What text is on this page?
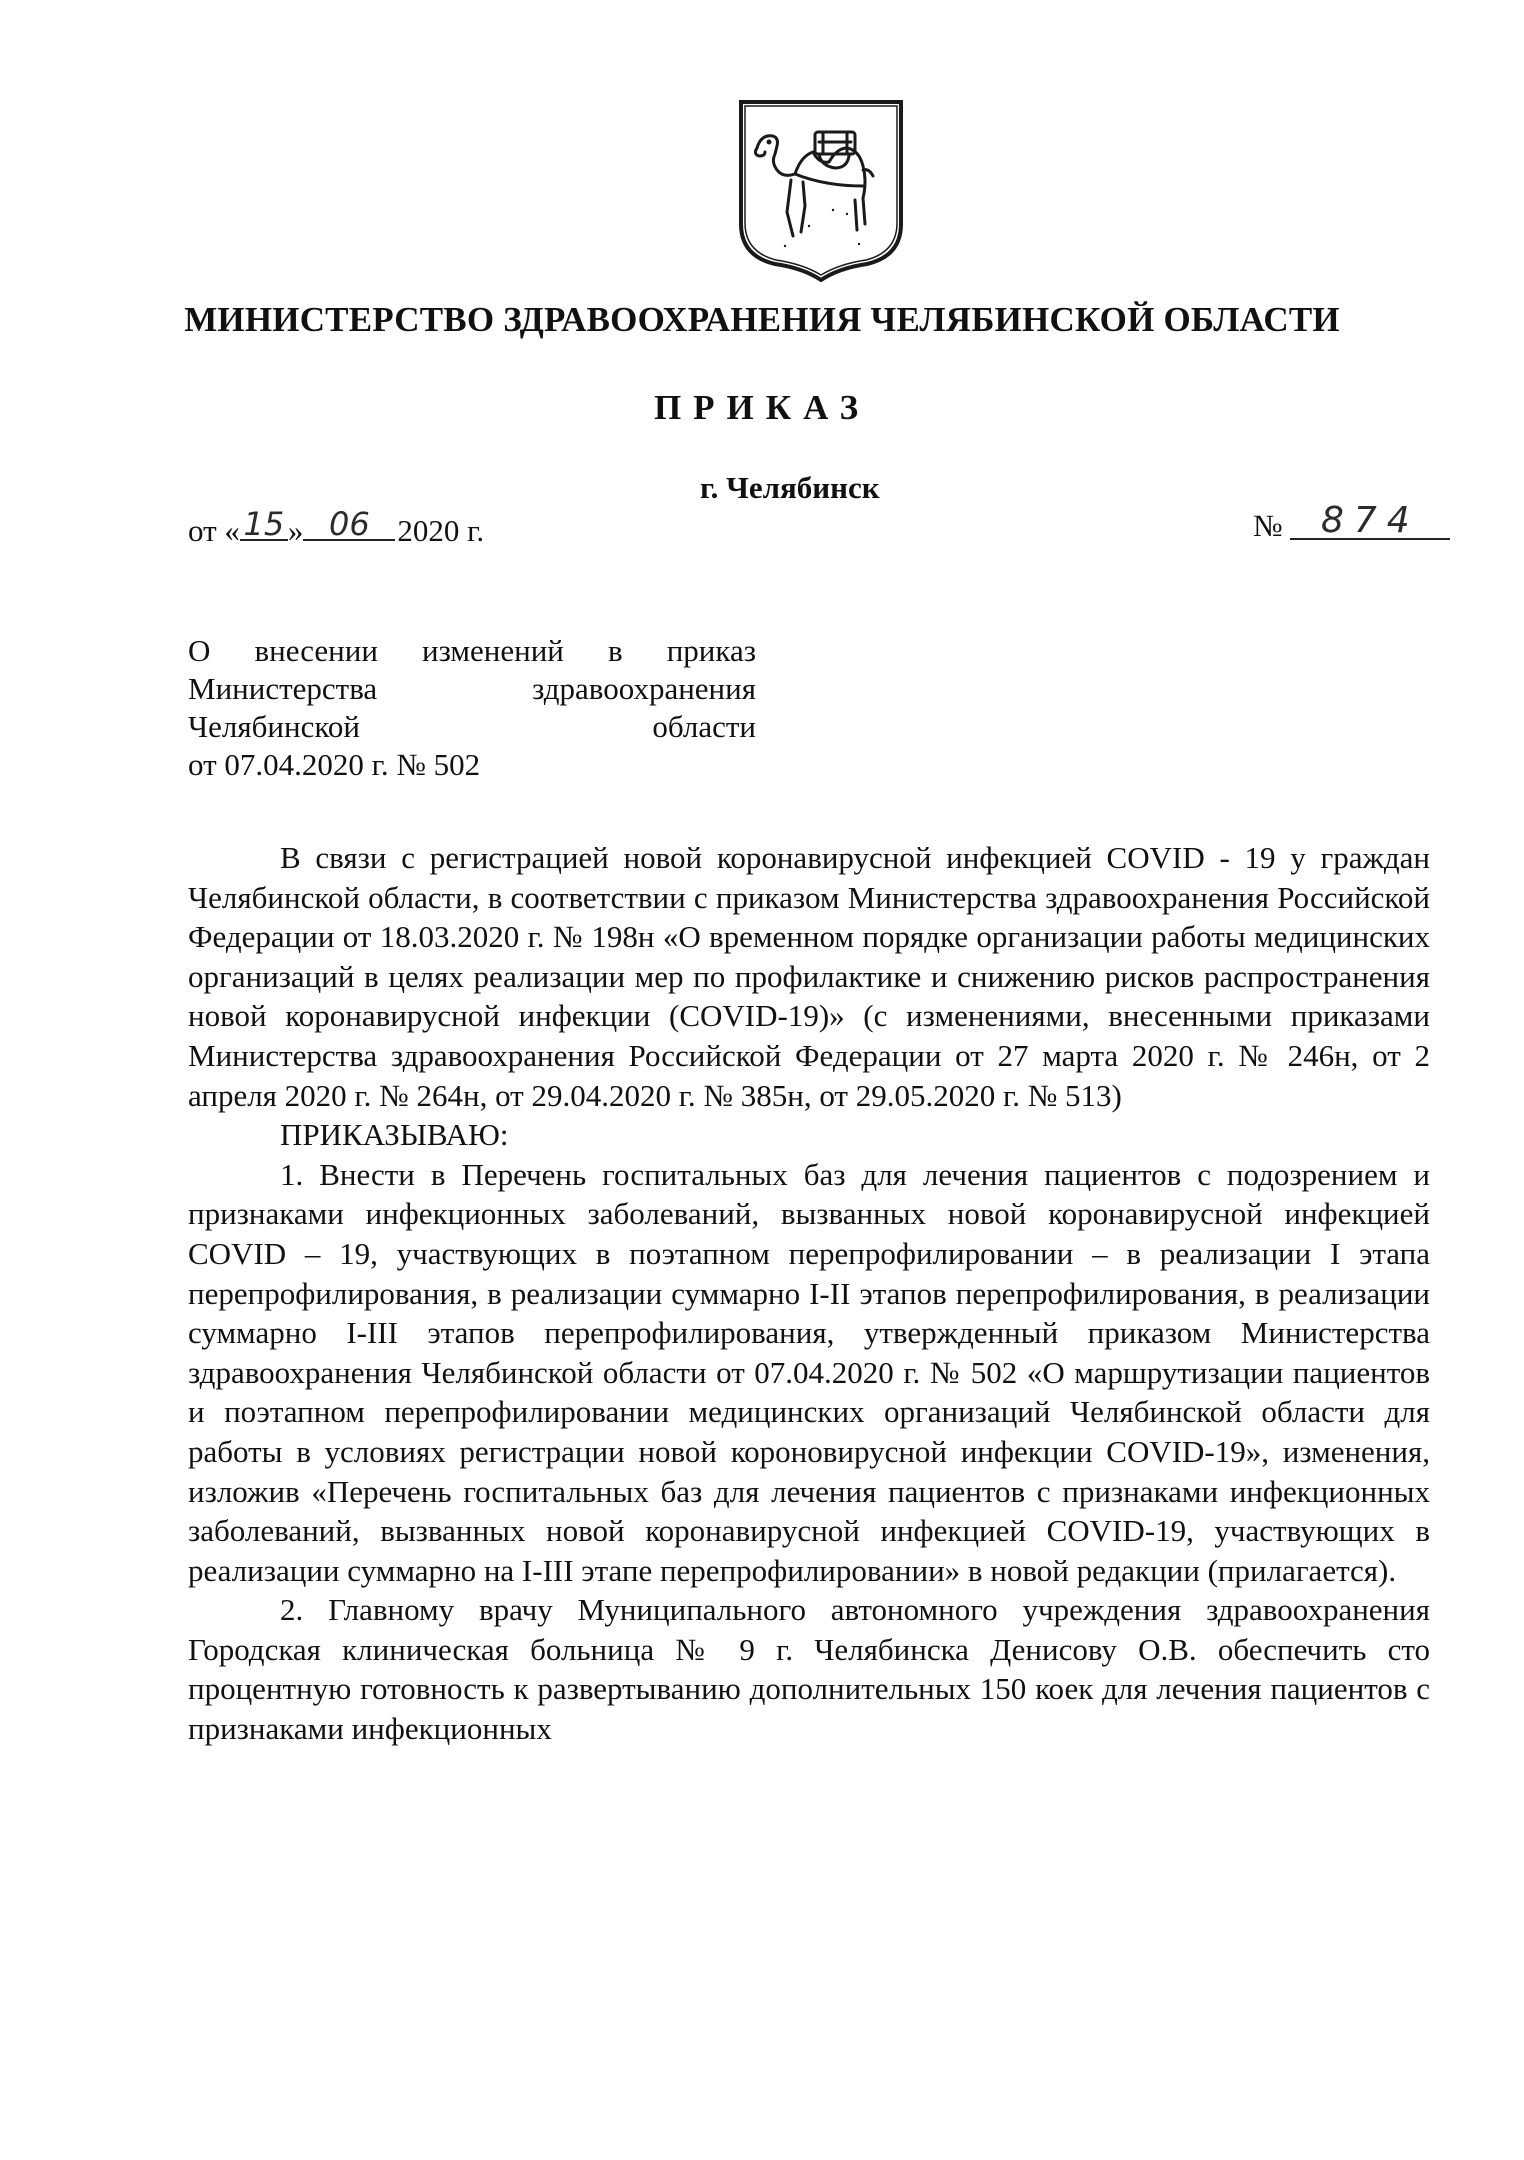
МИНИСТЕРСТВО ЗДРАВООХРАНЕНИЯ ЧЕЛЯБИНСКОЙ ОБЛАСТИ
ПРИКАЗ
г. Челябинск
от « 15 » 06 2020 г.	№ 874
О внесении изменений в приказ
Министерства здравоохранения
Челябинской области
от 07.04.2020 г. № 502

В связи с регистрацией новой коронавирусной инфекцией COVID - 19 у граждан Челябинской области, в соответствии с приказом Министерства здравоохранения Российской Федерации от 18.03.2020 г. № 198н «О временном порядке организации работы медицинских организаций в целях реализации мер по профилактике и снижению рисков распространения новой коронавирусной инфекции (COVID-19)» (с изменениями, внесенными приказами Министерства здравоохранения Российской Федерации от 27 марта 2020 г. № 246н, от 2 апреля 2020 г. № 264н, от 29.04.2020 г. № 385н, от 29.05.2020 г. № 513)

ПРИКАЗЫВАЮ:

1. Внести в Перечень госпитальных баз для лечения пациентов с подозрением и признаками инфекционных заболеваний, вызванных новой коронавирусной инфекцией COVID – 19, участвующих в поэтапном перепрофилировании – в реализации I этапа перепрофилирования, в реализации суммарно I-II этапов перепрофилирования, в реализации суммарно I-III этапов перепрофилирования, утвержденный приказом Министерства здравоохранения Челябинской области от 07.04.2020 г. № 502 «О маршрутизации пациентов и поэтапном перепрофилировании медицинских организаций Челябинской области для работы в условиях регистрации новой короновирусной инфекции COVID-19», изменения, изложив «Перечень госпитальных баз для лечения пациентов с признаками инфекционных заболеваний, вызванных новой коронавирусной инфекцией COVID-19, участвующих в реализации суммарно на I-III этапе перепрофилировании» в новой редакции (прилагается).

2. Главному врачу Муниципального автономного учреждения здравоохранения Городская клиническая больница № 9 г. Челябинска Денисову О.В. обеспечить сто процентную готовность к развертыванию дополнительных 150 коек для лечения пациентов с признаками инфекционных
